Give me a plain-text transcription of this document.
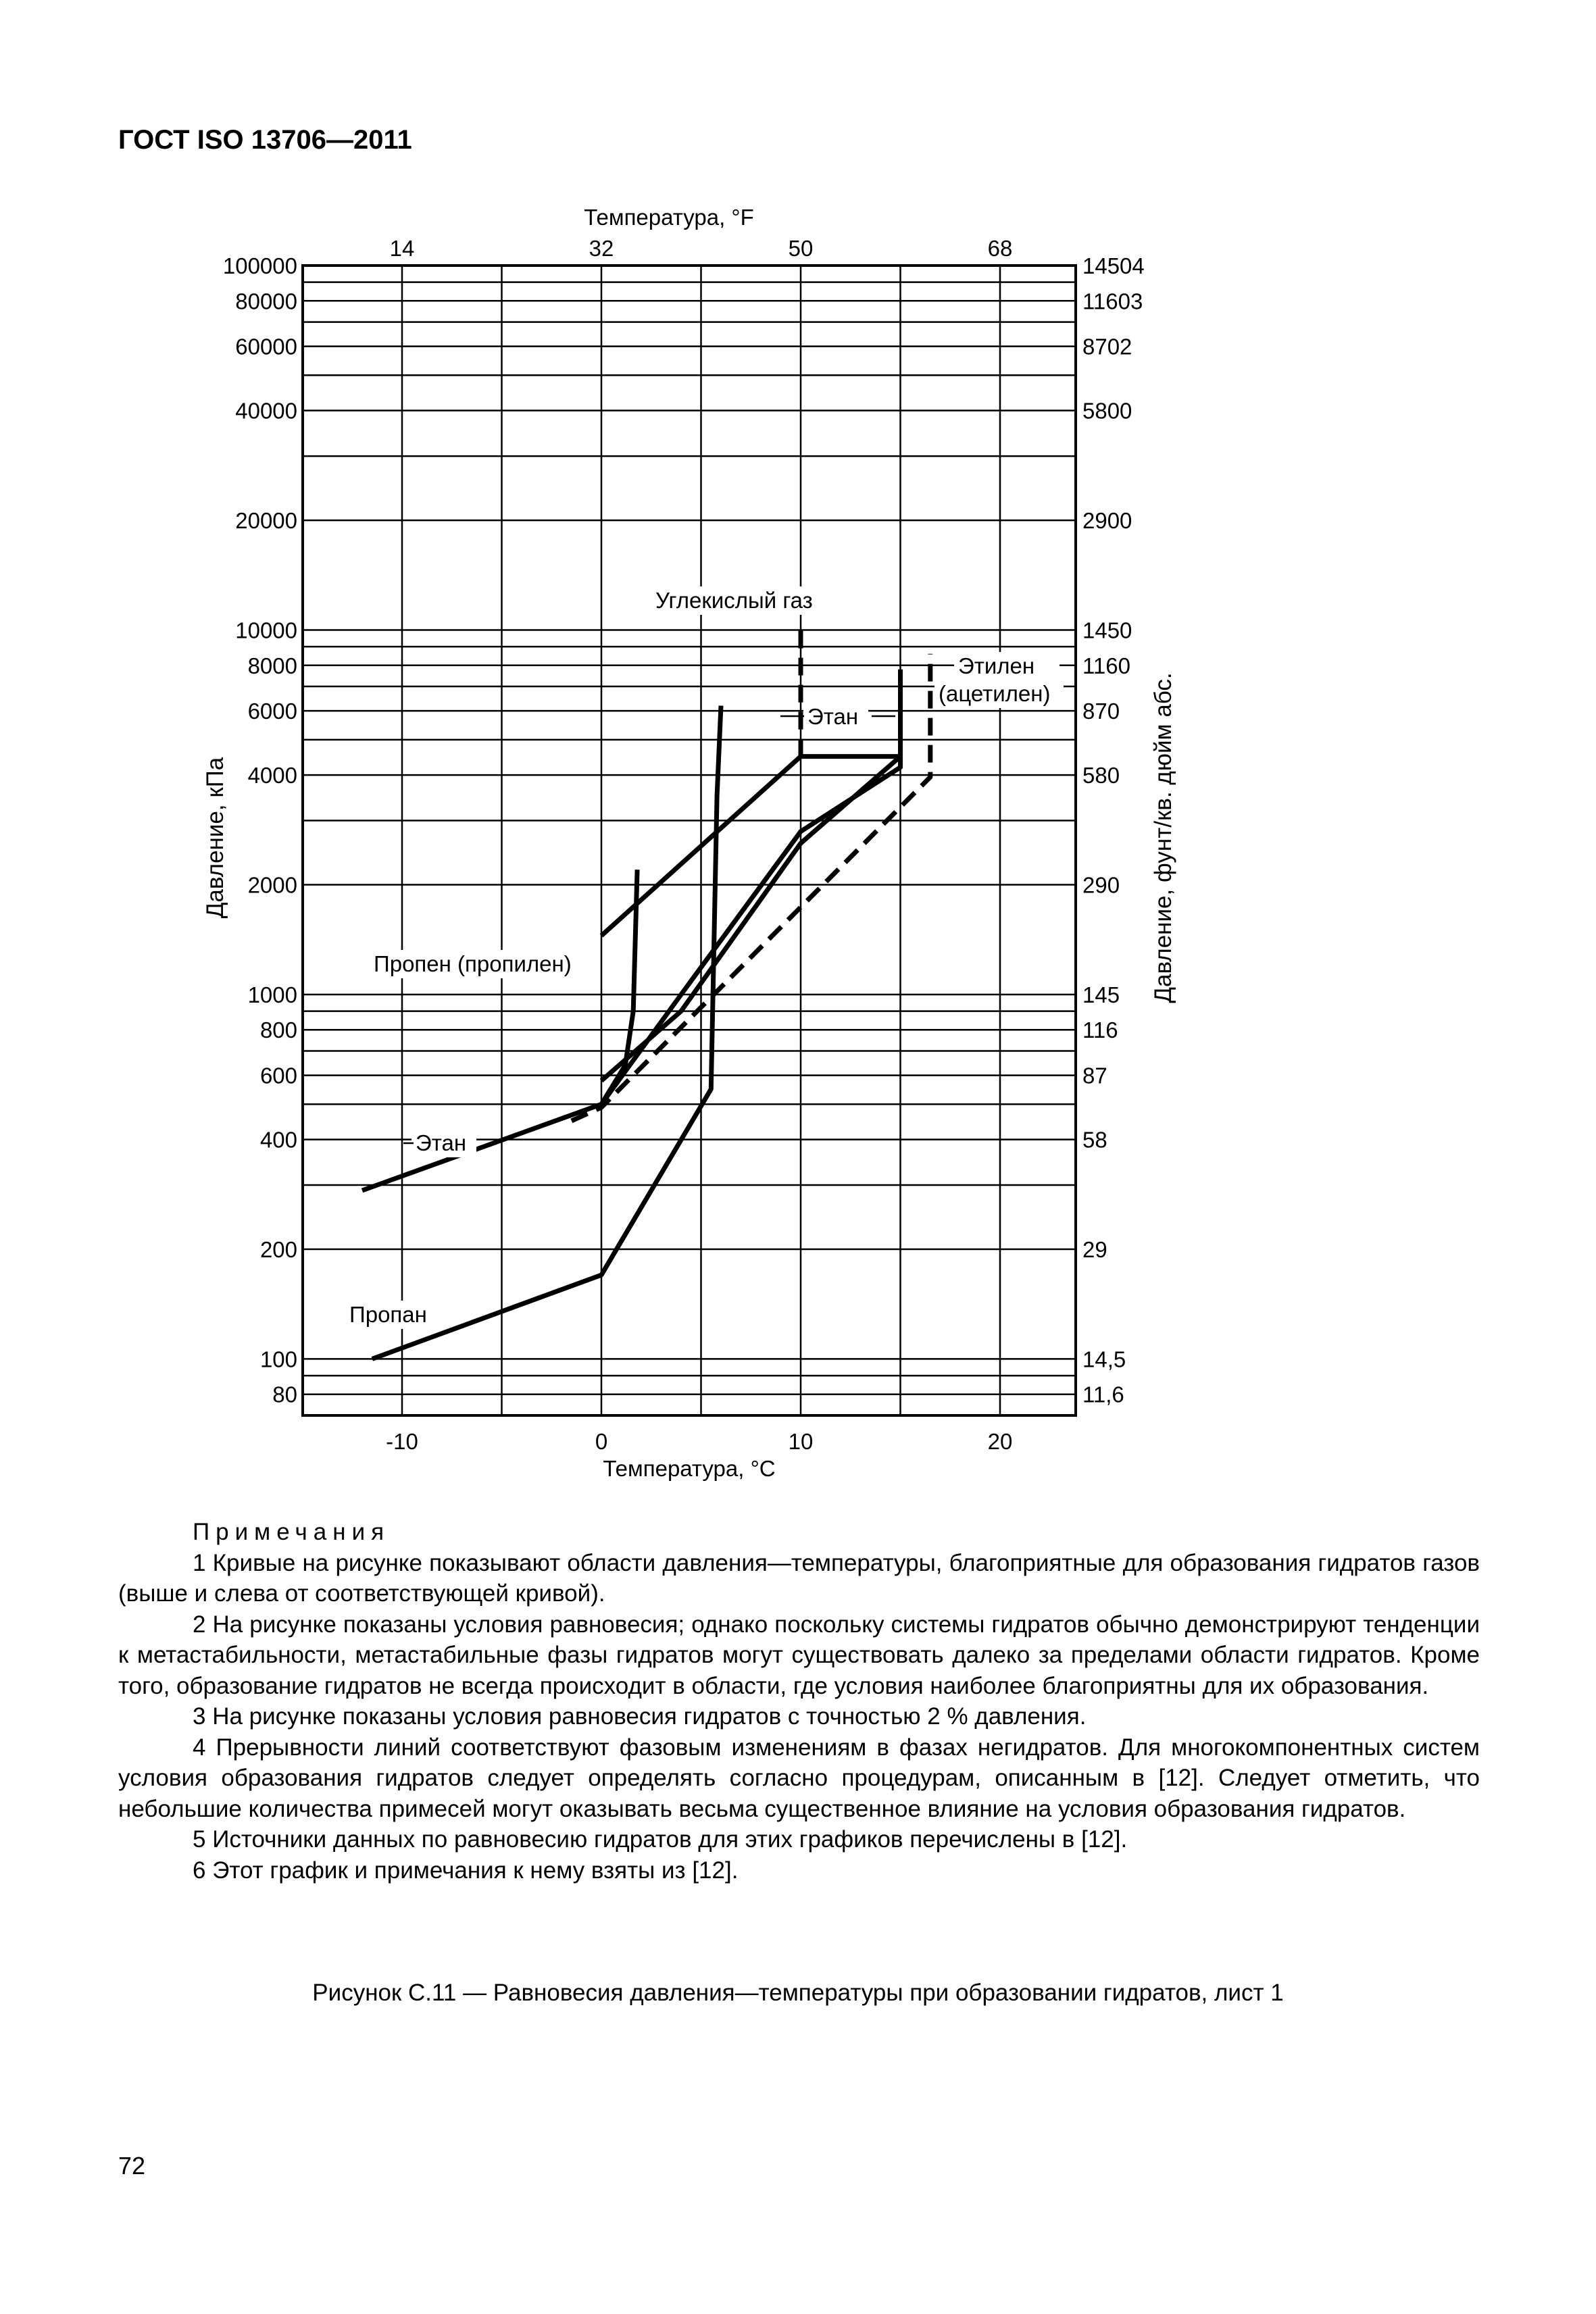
ГОСТ ISO 13706—2011
80
100
200
400
600
800
1000
2000
4000
6000
8000
10000
20000
40000
60000
80000
100000
11,6
14,5
29
58
87
116
145
290
580
870
1160
1450
2900
5800
8702
11603
14504
-10	0	10	20
14	32	50	68
Углекислый газ
Этан
Этилен
(ацетилен)
Пропен (пропилен)
Этан
Пропан
Температура, °F
Температура, °C
Давление, кПа	Давление, фунт/кв. дюйм абс.
Примечания

1 Кривые на рисунке показывают области давления—температуры, благоприятные для образования гидратов газов (выше и слева от соответствующей кривой).

2 На рисунке показаны условия равновесия; однако поскольку системы гидратов обычно демонстрируют тенденции к метастабильности, метастабильные фазы гидратов могут существовать далеко за пределами области гидратов. Кроме того, образование гидратов не всегда происходит в области, где условия наиболее благоприятны для их образования.

3 На рисунке показаны условия равновесия гидратов с точностью 2 % давления.

4 Прерывности линий соответствуют фазовым изменениям в фазах негидратов. Для многокомпонентных систем условия образования гидратов следует определять согласно процедурам, описанным в [12]. Следует отметить, что небольшие количества примесей могут оказывать весьма существенное влияние на условия образования гидратов.

5 Источники данных по равновесию гидратов для этих графиков перечислены в [12].

6 Этот график и примечания к нему взяты из [12].

Рисунок С.11 — Равновесия давления—температуры при образовании гидратов, лист 1
72
